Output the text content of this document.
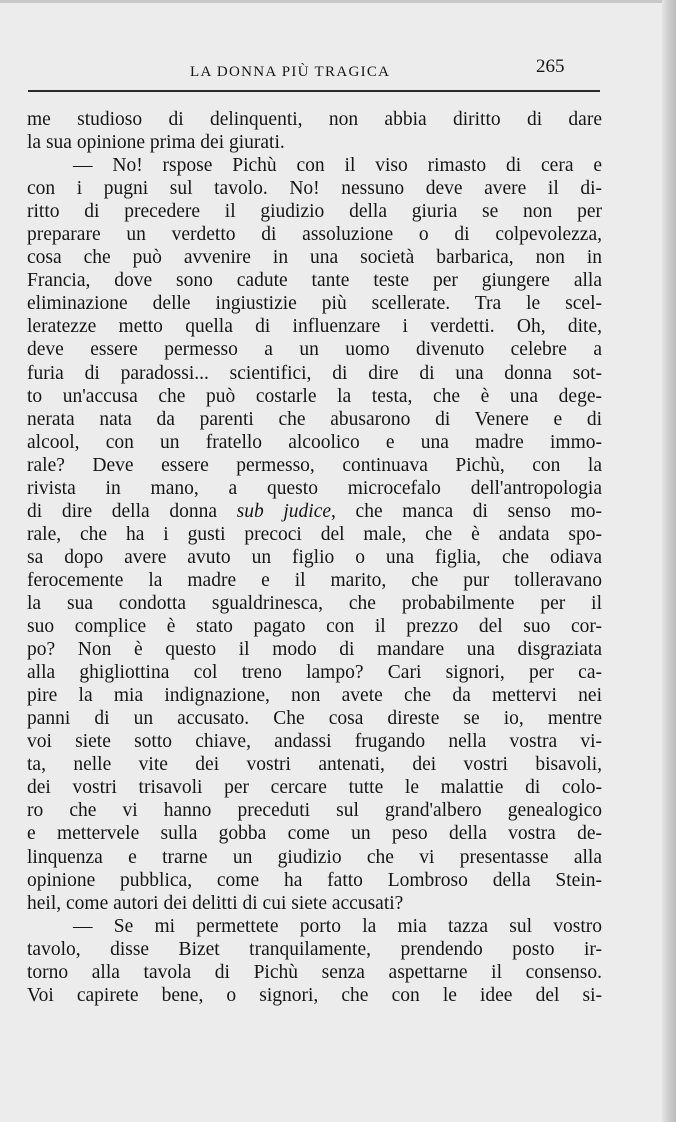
LA DONNA PIÙ TRAGICA	265
me studioso di delinquenti, non abbia diritto di dare
la sua opinione prima dei giurati.
— No! rspose Pichù con il viso rimasto di cera e
con i pugni sul tavolo. No! nessuno deve avere il di-
ritto di precedere il giudizio della giuria se non per
preparare un verdetto di assoluzione o di colpevolezza,
cosa che può avvenire in una società barbarica, non in
Francia, dove sono cadute tante teste per giungere alla
eliminazione delle ingiustizie più scellerate. Tra le scel-
leratezze metto quella di influenzare i verdetti. Oh, dite,
deve essere permesso a un uomo divenuto celebre a
furia di paradossi... scientifici, di dire di una donna sot-
to un'accusa che può costarle la testa, che è una dege-
nerata nata da parenti che abusarono di Venere e di
alcool, con un fratello alcoolico e una madre immo-
rale? Deve essere permesso, continuava Pichù, con la
rivista in mano, a questo microcefalo dell'antropologia
di dire della donna sub judice, che manca di senso mo-
rale, che ha i gusti precoci del male, che è andata spo-
sa dopo avere avuto un figlio o una figlia, che odiava
ferocemente la madre e il marito, che pur tolleravano
la sua condotta sgualdrinesca, che probabilmente per il
suo complice è stato pagato con il prezzo del suo cor-
po? Non è questo il modo di mandare una disgraziata
alla ghigliottina col treno lampo? Cari signori, per ca-
pire la mia indignazione, non avete che da mettervi nei
panni di un accusato. Che cosa direste se io, mentre
voi siete sotto chiave, andassi frugando nella vostra vi-
ta, nelle vite dei vostri antenati, dei vostri bisavoli,
dei vostri trisavoli per cercare tutte le malattie di colo-
ro che vi hanno preceduti sul grand'albero genealogico
e mettervele sulla gobba come un peso della vostra de-
linquenza e trarne un giudizio che vi presentasse alla
opinione pubblica, come ha fatto Lombroso della Stein-
heil, come autori dei delitti di cui siete accusati?
— Se mi permettete porto la mia tazza sul vostro
tavolo, disse Bizet tranquilamente, prendendo posto ir-
torno alla tavola di Pichù senza aspettarne il consenso.
Voi capirete bene, o signori, che con le idee del si-
